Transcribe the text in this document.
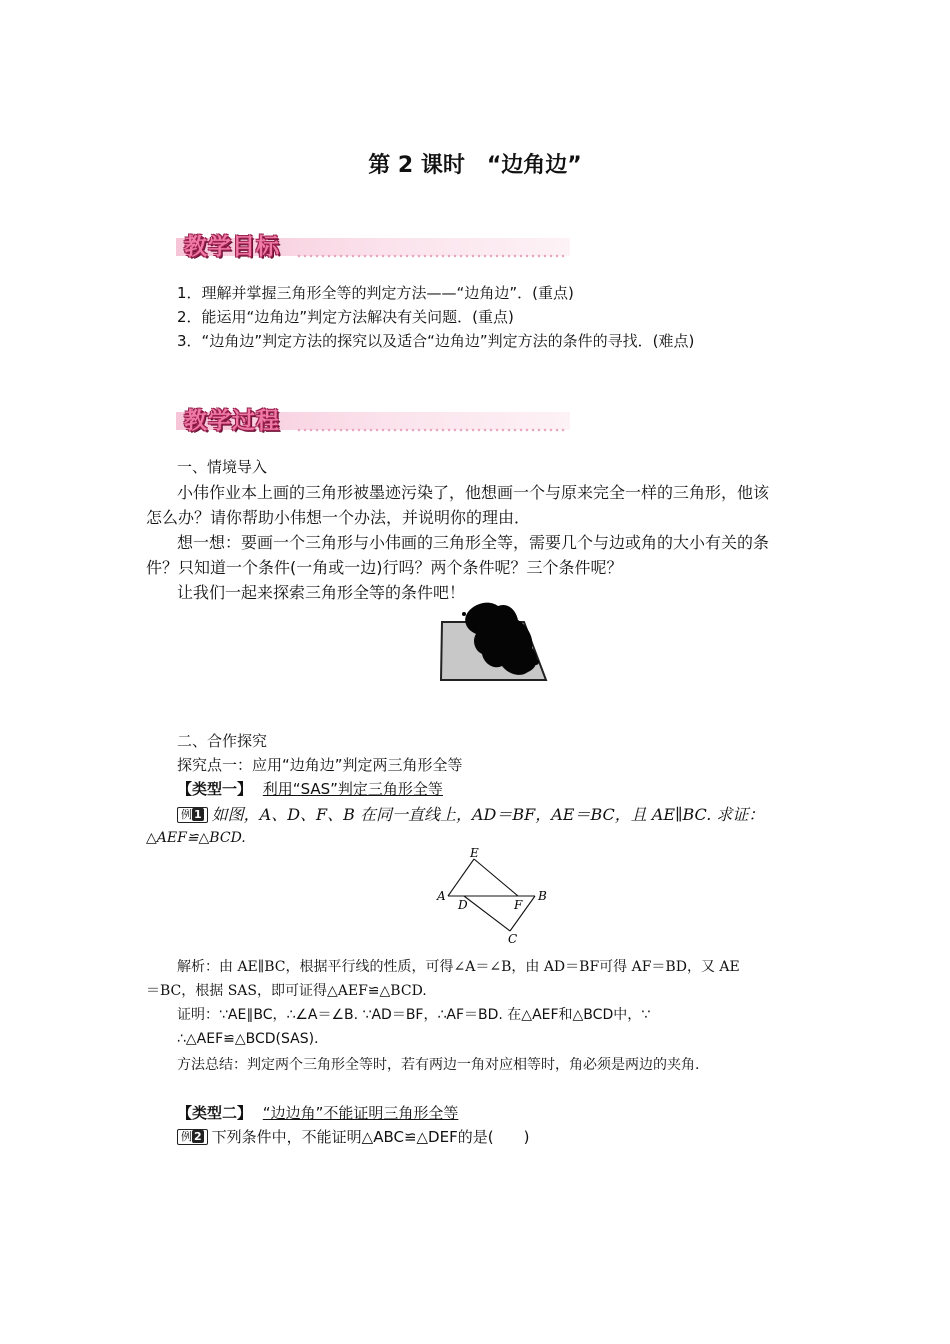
第 2 课时　“边角边”
教学目标
1．理解并掌握三角形全等的判定方法——“边角边”．(重点)
2．能运用“边角边”判定方法解决有关问题．(重点)
3．“边角边”判定方法的探究以及适合“边角边”判定方法的条件的寻找．(难点)
教学过程
一、情境导入
小伟作业本上画的三角形被墨迹污染了，他想画一个与原来完全一样的三角形，他该
怎么办？请你帮助小伟想一个办法，并说明你的理由．
想一想：要画一个三角形与小伟画的三角形全等，需要几个与边或角的大小有关的条
件？只知道一个条件(一角或一边)行吗？两个条件呢？三个条件呢？
让我们一起来探索三角形全等的条件吧！
二、合作探究
探究点一：应用“边角边”判定两三角形全等
【类型一】 利用“SAS”判定三角形全等
例 1 如图，A、D、F、B 在同一直线上，AD＝BF，AE＝BC，且 AE∥BC. 求证：
△AEF≌△BCD.
E
A
D	F
B
C
解析：由 AE∥BC，根据平行线的性质，可得∠A＝∠B，由 AD＝BF可得 AF＝BD，又 AE
＝BC，根据 SAS，即可证得△AEF≌△BCD.
证明：∵AE∥BC，∴∠A＝∠B. ∵AD＝BF，∴AF＝BD. 在△AEF和△BCD中，∵
∴△AEF≌△BCD(SAS)．
方法总结：判定两个三角形全等时，若有两边一角对应相等时，角必须是两边的夹角.
【类型二】 “边边角”不能证明三角形全等
例 2 下列条件中，不能证明△ABC≌△DEF的是(　　)
